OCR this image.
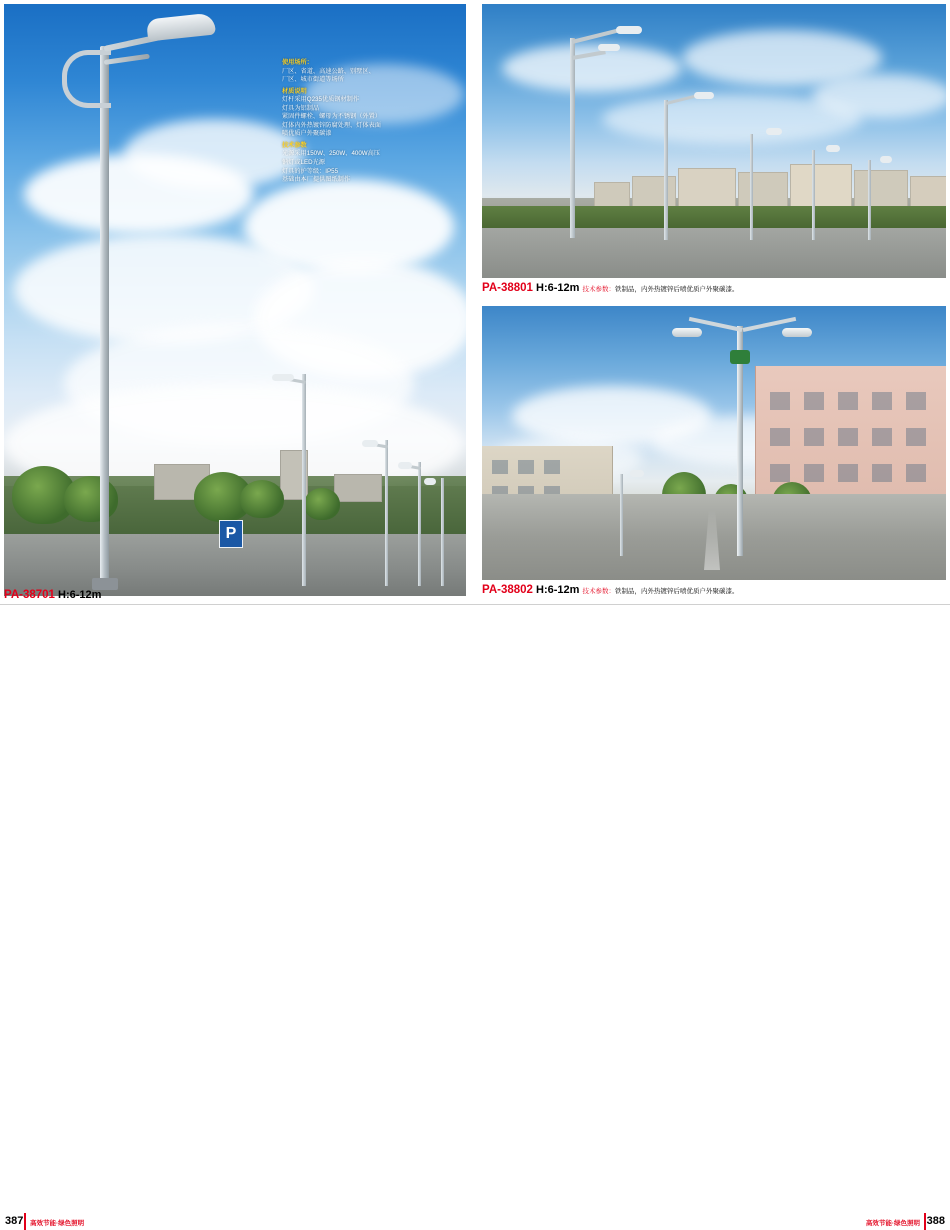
P
使用场所：
厂区、省道、高速公路、别墅区、
厂区、城市街道等场所
材质说明
灯杆采用Q235优质钢材制作
灯具为铝制品
紧固件螺栓、螺母为不锈钢（外置）
灯体内外热镀锌防腐处理、灯体表面
喷优质户外聚碳漆
技术参数
光源采用150W、250W、400W高压
钠灯或LED光源
灯具的护等级：IP55
基础由本厂提供图纸制作
PA-38701 H:6-12m
PA-38801 H:6-12m 技术参数：铁制品，内外热镀锌后喷优质户外聚碳漆。
PA-38802 H:6-12m 技术参数：铁制品，内外热镀锌后喷优质户外聚碳漆。
387 高效节能·绿色照明	388
高效节能·绿色照明
